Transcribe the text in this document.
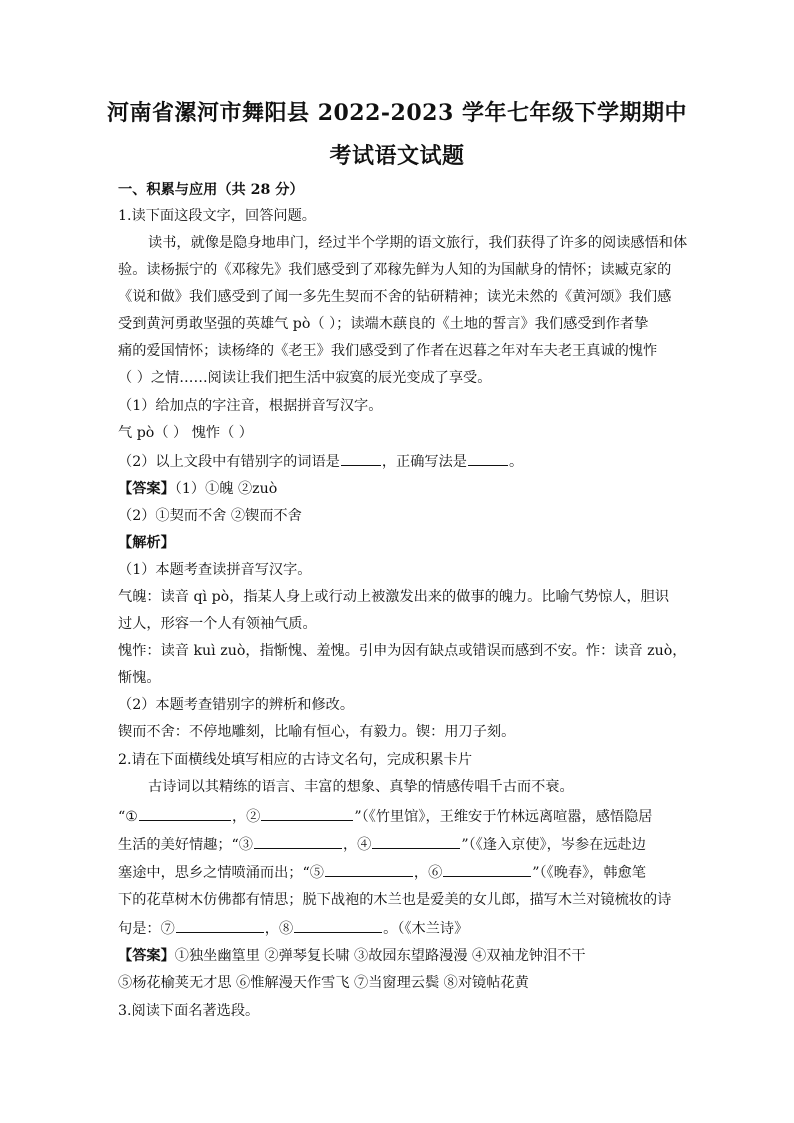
河南省漯河市舞阳县 2022-2023 学年七年级下学期期中
考试语文试题
一、积累与应用（共 28 分）
1.读下面这段文字，回答问题。
读书，就像是隐身地串门，经过半个学期的语文旅行，我们获得了许多的阅读感悟和体
验。读杨振宁的《邓稼先》我们感受到了邓稼先鲜为人知的为国献身的情怀；读臧克家的
《说和做》我们感受到了闻一多先生契而不舍的钻研精神；读光未然的《黄河颂》我们感
受到黄河勇敢坚强的英雄气 pò（ ）；读端木蕻良的《土地的誓言》我们感受到作者挚
痛的爱国情怀；读杨绛的《老王》我们感受到了作者在迟暮之年对车夫老王真诚的愧怍
（ ）之情……阅读让我们把生活中寂寞的辰光变成了享受。
（1）给加点的字注音，根据拼音写汉字。
气 pò（ ） 愧怍（ ）
（2）以上文段中有错别字的词语是	，正确写法是	。
【答案】（1）①魄 ②zuò
（2）①契而不舍 ②锲而不舍
【解析】
（1）本题考查读拼音写汉字。
气魄：读音 qì pò，指某人身上或行动上被激发出来的做事的魄力。比喻气势惊人，胆识
过人，形容一个人有领袖气质。
愧怍：读音 kuì zuò，指惭愧、羞愧。引申为因有缺点或错误而感到不安。怍：读音 zuò，
惭愧。
（2）本题考查错别字的辨析和修改。
锲而不舍：不停地雕刻，比喻有恒心，有毅力。锲：用刀子刻。
2.请在下面横线处填写相应的古诗文名句，完成积累卡片
古诗词以其精练的语言、丰富的想象、真挚的情感传唱千古而不衰。
“①	，②	”（《竹里馆》，王维安于竹林远离喧嚣，感悟隐居
生活的美好情趣；“③	，④	”（《逢入京使》，岑参在远赴边
塞途中，思乡之情喷涌而出；“⑤	，⑥	”（《晚春》，韩愈笔
下的花草树木仿佛都有情思；脱下战袍的木兰也是爱美的女儿郎，描写木兰对镜梳妆的诗
句是：⑦	，⑧	。（《木兰诗》
【答案】①独坐幽篁里 ②弹琴复长啸 ③故园东望路漫漫 ④双袖龙钟泪不干
⑤杨花榆荚无才思 ⑥惟解漫天作雪飞 ⑦当窗理云鬓 ⑧对镜帖花黄
3.阅读下面名著选段。
